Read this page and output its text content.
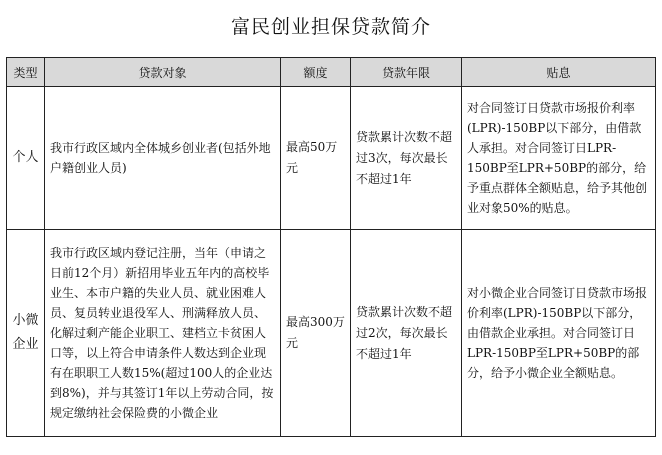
富民创业担保贷款简介
类型	贷款对象	额度	贷款年限	贴息
个人	我市行政区域内全体城乡创业者(包括外地户籍创业人员)	最高50万元	贷款累计次数不超过3次，每次最长不超过1年	对合同签订日贷款市场报价利率(LPR)-150BP以下部分，由借款人承担。对合同签订日LPR-150BP至LPR+50BP的部分，给予重点群体全额贴息，给予其他创业对象50%的贴息。
小微企业	我市行政区域内登记注册，当年（申请之日前12个月）新招用毕业五年内的高校毕业生、本市户籍的失业人员、就业困难人员、复员转业退役军人、刑满释放人员、化解过剩产能企业职工、建档立卡贫困人口等，以上符合申请条件人数达到企业现有在职职工人数15%(超过100人的企业达到8%)，并与其签订1年以上劳动合同，按规定缴纳社会保险费的小微企业	最高300万元	贷款累计次数不超过2次，每次最长不超过1年	对小微企业合同签订日贷款市场报价利率(LPR)-150BP以下部分，由借款企业承担。对合同签订日LPR-150BP至LPR+50BP的部分，给予小微企业全额贴息。
